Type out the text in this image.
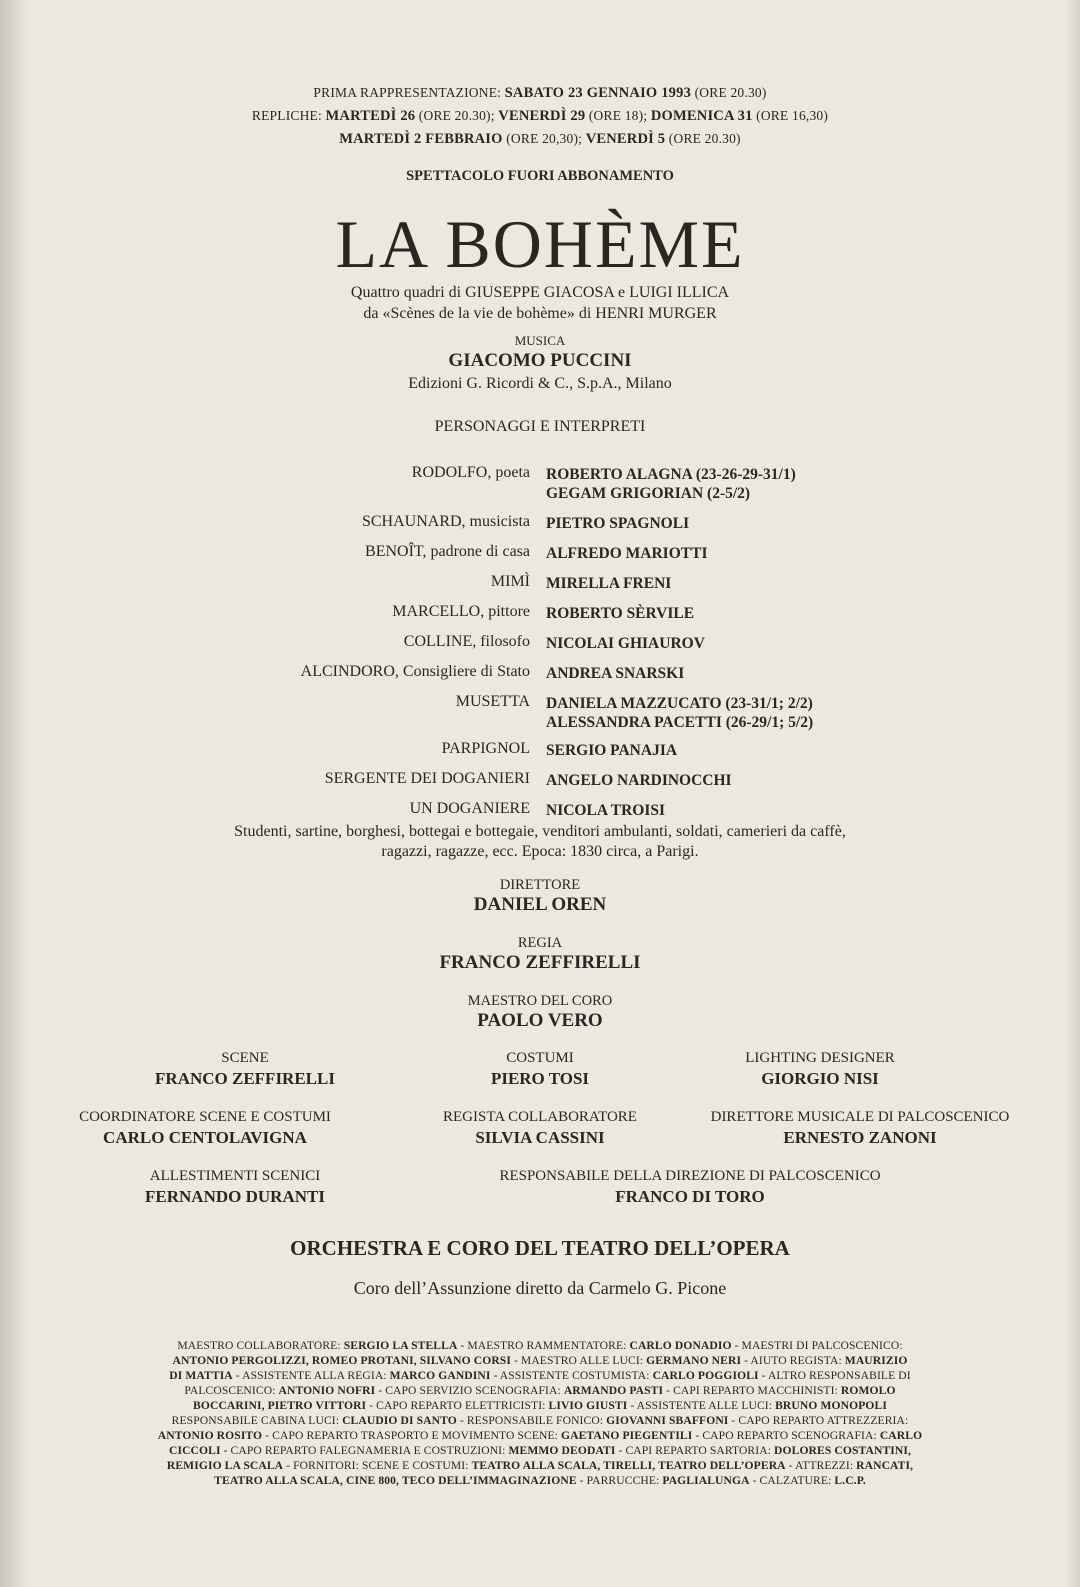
PRIMA RAPPRESENTAZIONE: SABATO 23 GENNAIO 1993 (ORE 20.30)
REPLICHE: MARTEDÌ 26 (ORE 20.30); VENERDÌ 29 (ORE 18); DOMENICA 31 (ORE 16,30)
MARTEDÌ 2 FEBBRAIO (ORE 20,30); VENERDÌ 5 (ORE 20.30)
SPETTACOLO FUORI ABBONAMENTO
LA BOHÈME
Quattro quadri di GIUSEPPE GIACOSA e LUIGI ILLICA
da «Scènes de la vie de bohème» di HENRI MURGER
MUSICA
GIACOMO PUCCINI
Edizioni G. Ricordi & C., S.p.A., Milano
PERSONAGGI E INTERPRETI
RODOLFO, poeta ROBERTO ALAGNA (23-26-29-31/1)
GEGAM GRIGORIAN (2-5/2)
SCHAUNARD, musicista PIETRO SPAGNOLI
BENOÎT, padrone di casa ALFREDO MARIOTTI
MIMÌ MIRELLA FRENI
MARCELLO, pittore ROBERTO SÈRVILE
COLLINE, filosofo NICOLAI GHIAUROV
ALCINDORO, Consigliere di Stato ANDREA SNARSKI
MUSETTA DANIELA MAZZUCATO (23-31/1; 2/2)
ALESSANDRA PACETTI (26-29/1; 5/2)
PARPIGNOL SERGIO PANAJIA
SERGENTE DEI DOGANIERI ANGELO NARDINOCCHI
UN DOGANIERE NICOLA TROISI
Studenti, sartine, borghesi, bottegai e bottegaie, venditori ambulanti, soldati, camerieri da caffè,
ragazzi, ragazze, ecc. Epoca: 1830 circa, a Parigi.
DIRETTORE
DANIEL OREN
REGIA
FRANCO ZEFFIRELLI
MAESTRO DEL CORO
PAOLO VERO
SCENE
FRANCO ZEFFIRELLI
COSTUMI
PIERO TOSI
LIGHTING DESIGNER
GIORGIO NISI
COORDINATORE SCENE E COSTUMI
CARLO CENTOLAVIGNA
REGISTA COLLABORATORE
SILVIA CASSINI
DIRETTORE MUSICALE DI PALCOSCENICO
ERNESTO ZANONI
ALLESTIMENTI SCENICI
FERNANDO DURANTI
RESPONSABILE DELLA DIREZIONE DI PALCOSCENICO
FRANCO DI TORO
ORCHESTRA E CORO DEL TEATRO DELL’OPERA
Coro dell’Assunzione diretto da Carmelo G. Picone
MAESTRO COLLABORATORE: SERGIO LA STELLA - MAESTRO RAMMENTATORE: CARLO DONADIO - MAESTRI DI PALCOSCENICO:
ANTONIO PERGOLIZZI, ROMEO PROTANI, SILVANO CORSI - MAESTRO ALLE LUCI: GERMANO NERI - AIUTO REGISTA: MAURIZIO
DI MATTIA - ASSISTENTE ALLA REGIA: MARCO GANDINI - ASSISTENTE COSTUMISTA: CARLO POGGIOLI - ALTRO RESPONSABILE DI
PALCOSCENICO: ANTONIO NOFRI - CAPO SERVIZIO SCENOGRAFIA: ARMANDO PASTI - CAPI REPARTO MACCHINISTI: ROMOLO
BOCCARINI, PIETRO VITTORI - CAPO REPARTO ELETTRICISTI: LIVIO GIUSTI - ASSISTENTE ALLE LUCI: BRUNO MONOPOLI
RESPONSABILE CABINA LUCI: CLAUDIO DI SANTO - RESPONSABILE FONICO: GIOVANNI SBAFFONI - CAPO REPARTO ATTREZZERIA:
ANTONIO ROSITO - CAPO REPARTO TRASPORTO E MOVIMENTO SCENE: GAETANO PIEGENTILI - CAPO REPARTO SCENOGRAFIA: CARLO
CICCOLI - CAPO REPARTO FALEGNAMERIA E COSTRUZIONI: MEMMO DEODATI - CAPI REPARTO SARTORIA: DOLORES COSTANTINI,
REMIGIO LA SCALA - FORNITORI: SCENE E COSTUMI: TEATRO ALLA SCALA, TIRELLI, TEATRO DELL’OPERA - ATTREZZI: RANCATI,
TEATRO ALLA SCALA, CINE 800, TECO DELL’IMMAGINAZIONE - PARRUCCHE: PAGLIALUNGA - CALZATURE: L.C.P.
